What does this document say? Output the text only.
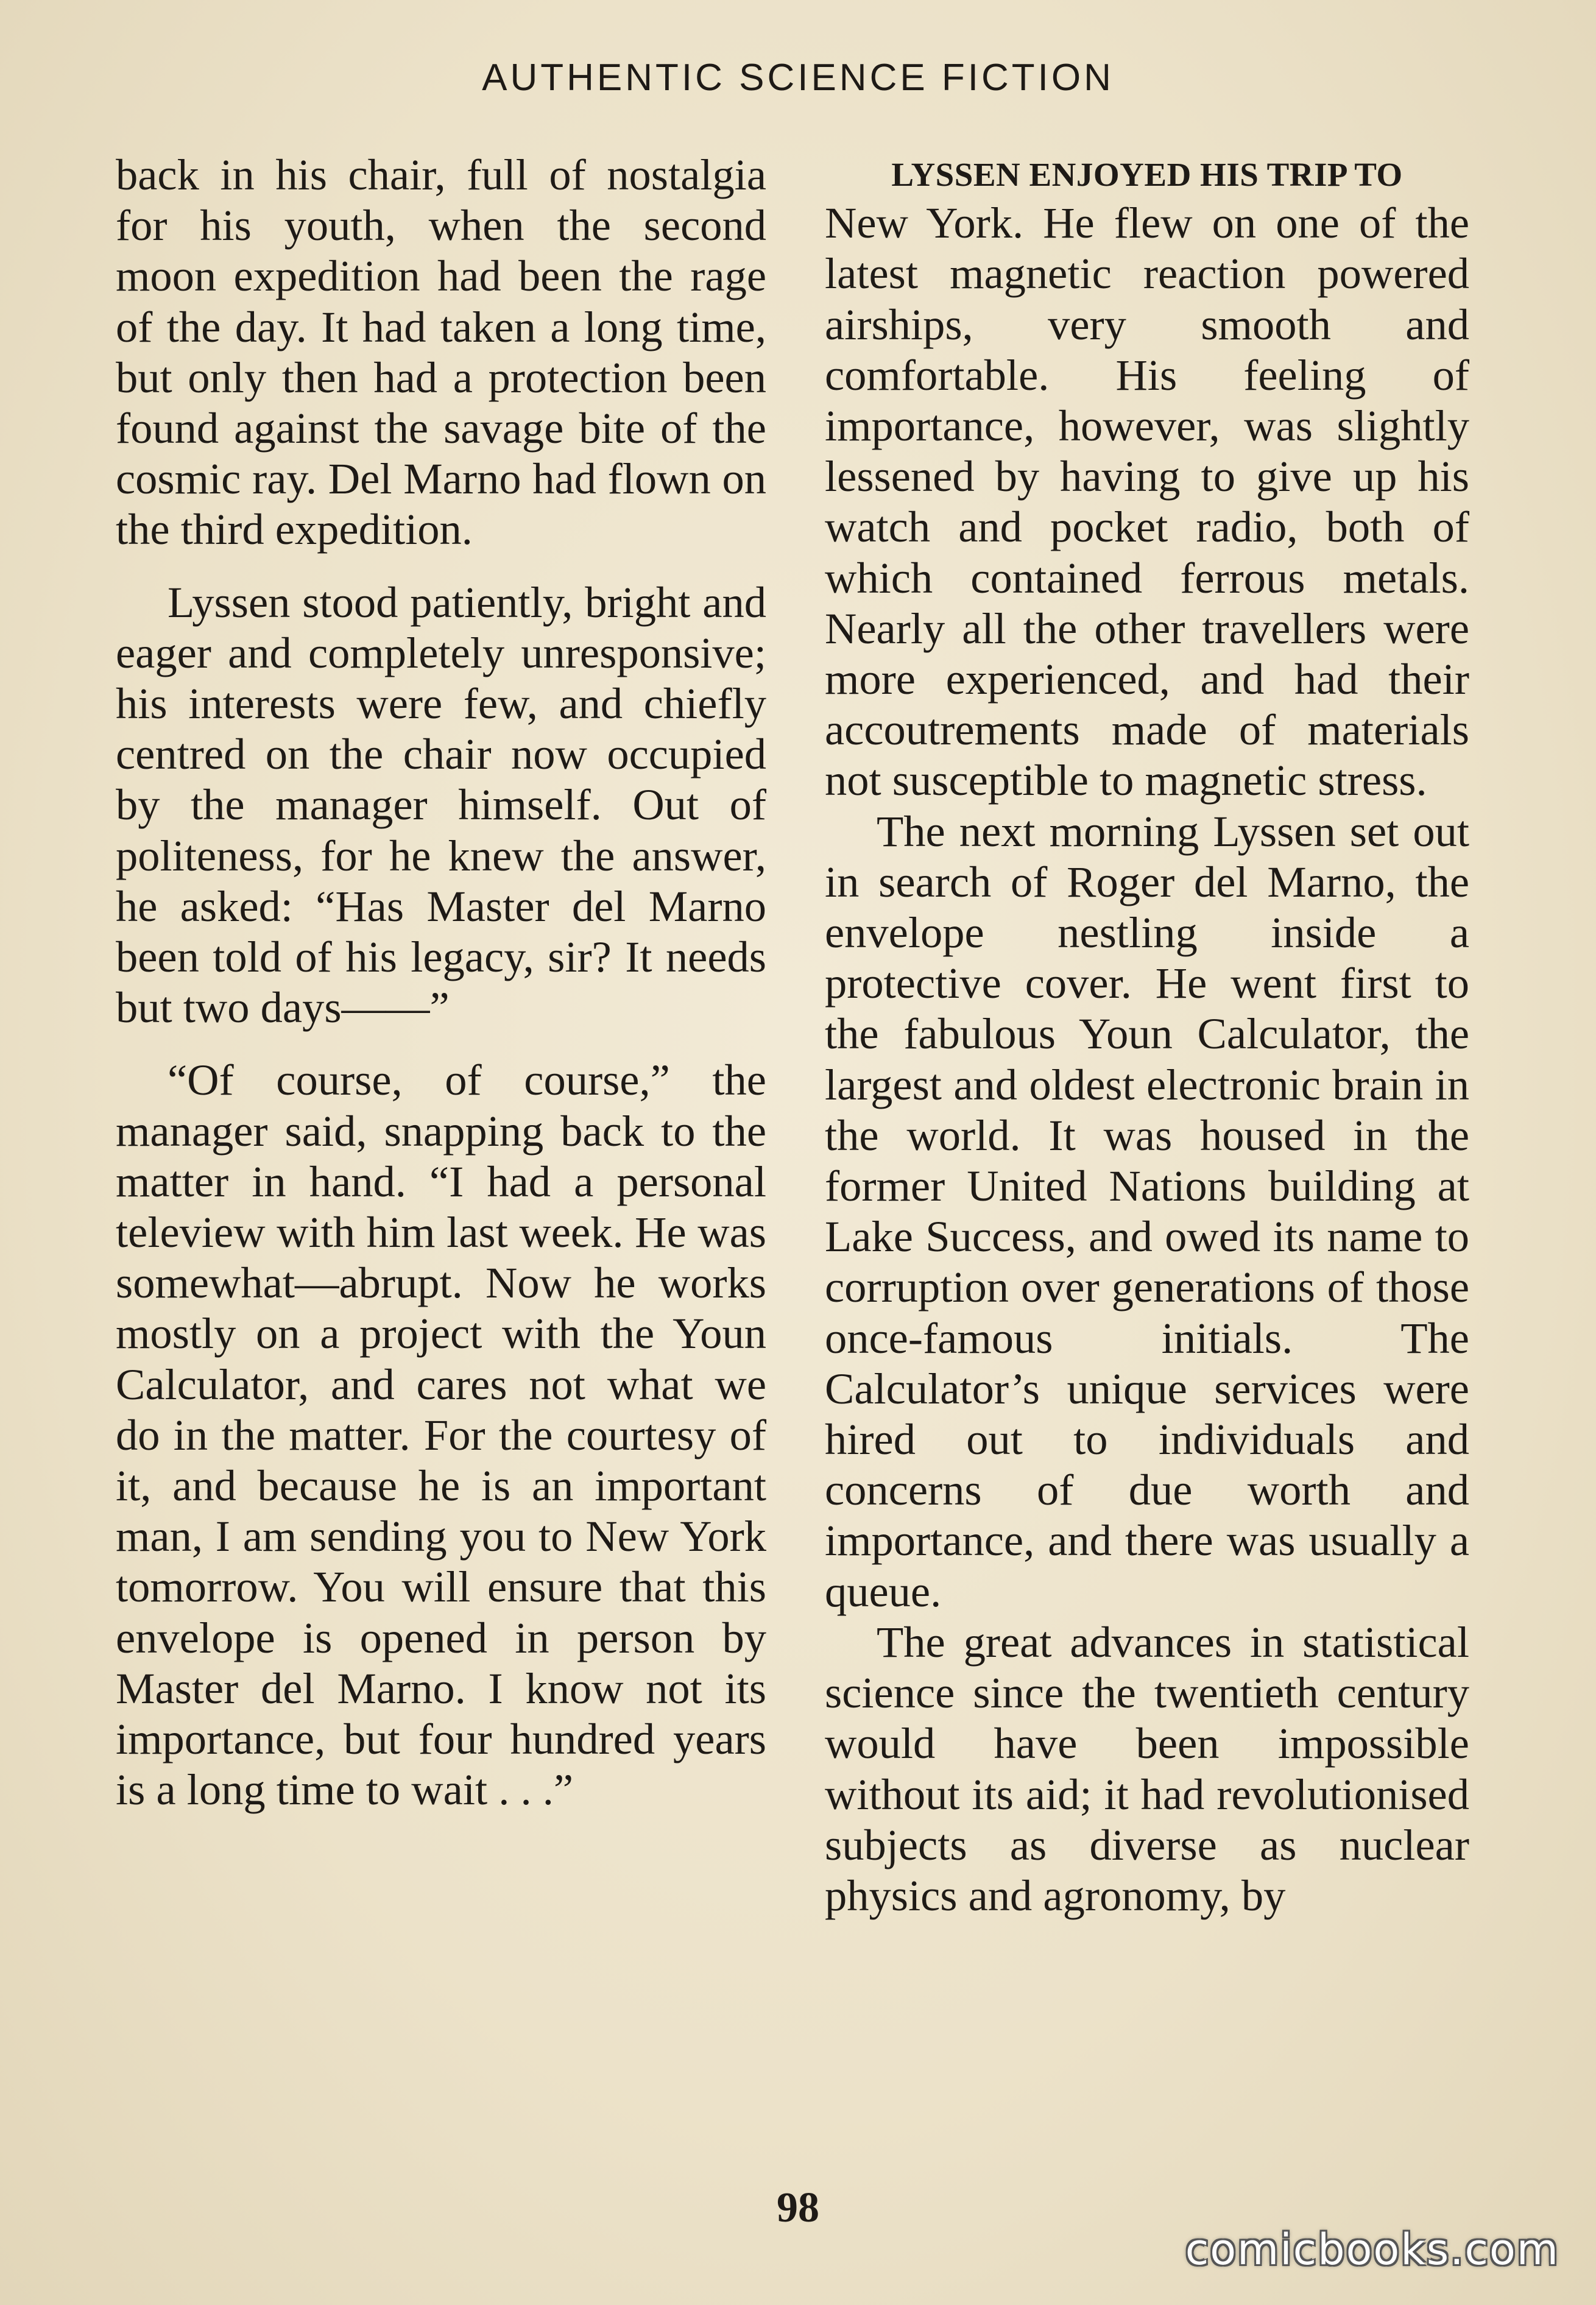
AUTHENTIC SCIENCE FICTION

back in his chair, full of nostalgia for his youth, when the second moon expedition had been the rage of the day. It had taken a long time, but only then had a protection been found against the savage bite of the cosmic ray. Del Marno had flown on the third expedition.

Lyssen stood patiently, bright and eager and completely unresponsive; his interests were few, and chiefly centred on the chair now occupied by the manager himself. Out of politeness, for he knew the answer, he asked: “Has Master del Marno been told of his legacy, sir? It needs but two days——”

“Of course, of course,” the manager said, snapping back to the matter in hand. “I had a personal teleview with him last week. He was somewhat—abrupt. Now he works mostly on a project with the Youn Calculator, and cares not what we do in the matter. For the courtesy of it, and because he is an important man, I am sending you to New York tomorrow. You will ensure that this envelope is opened in person by Master del Marno. I know not its importance, but four hundred years is a long time to wait . . .”

LYSSEN ENJOYED HIS TRIP TO

New York. He flew on one of the latest magnetic reaction powered airships, very smooth and comfortable. His feeling of importance, however, was slightly lessened by having to give up his watch and pocket radio, both of which contained ferrous metals. Nearly all the other travellers were more experienced, and had their accoutrements made of materials not susceptible to magnetic stress.

The next morning Lyssen set out in search of Roger del Marno, the envelope nestling inside a protective cover. He went first to the fabulous Youn Calculator, the largest and oldest electronic brain in the world. It was housed in the former United Nations building at Lake Success, and owed its name to corruption over generations of those once-famous initials. The Calculator’s unique services were hired out to individuals and concerns of due worth and importance, and there was usually a queue.

The great advances in statistical science since the twentieth century would have been impossible without its aid; it had revolutionised subjects as diverse as nuclear physics and agronomy, by

98
comicbooks.com
